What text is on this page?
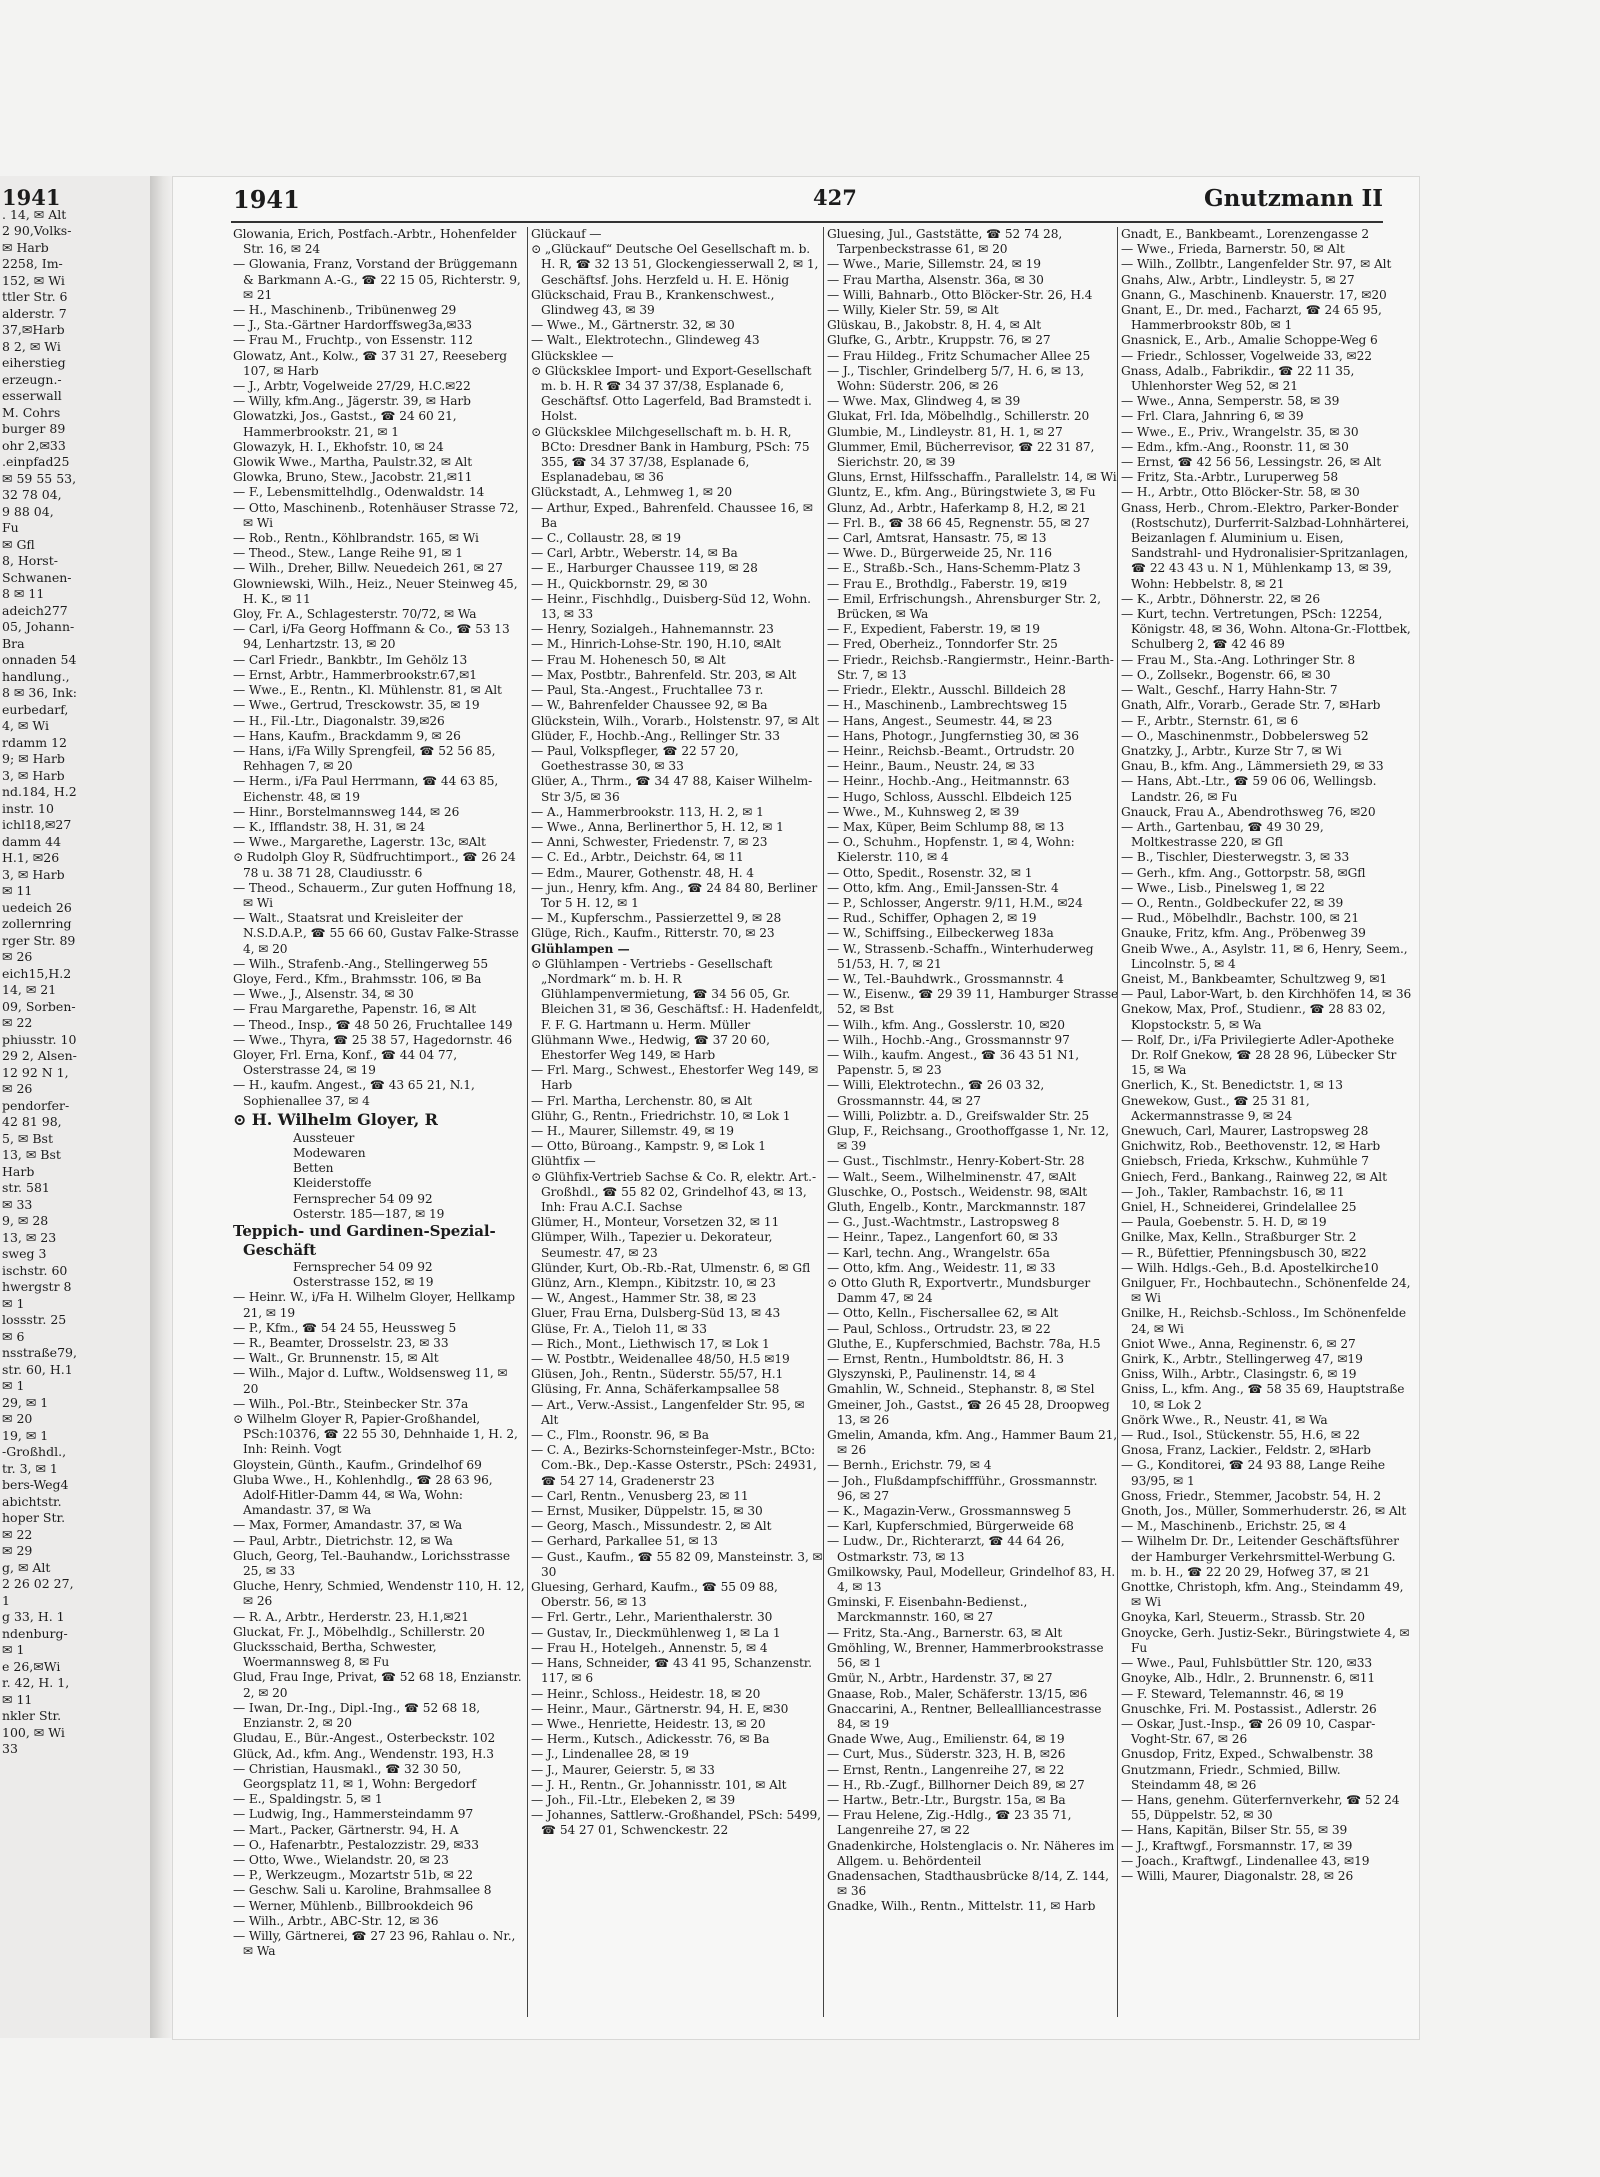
1941
. 14, ✉ Alt
2 90,Volks-
✉ Harb
2258, Im-
152, ✉ Wi
ttler Str. 6
alderstr. 7
37,✉Harb
8 2, ✉ Wi
eiherstieg
erzeugn.-
esserwall
M. Cohrs
burger 89
ohr 2,✉33
.einpfad25
✉ 59 55 53,
32 78 04,
9 88 04,
Fu
✉ Gfl
8, Horst-
Schwanen-
8 ✉ 11
adeich277
05, Johann-
Bra
onnaden 54
handlung.,
8 ✉ 36, Ink:
eurbedarf,
4, ✉ Wi
rdamm 12
9; ✉ Harb
3, ✉ Harb
nd.184, H.2
instr. 10
ichl18,✉27
damm 44
H.1, ✉26
3, ✉ Harb
✉ 11
uedeich 26
zollernring
rger Str. 89
✉ 26
eich15,H.2
14, ✉ 21
09, Sorben-
✉ 22
phiusstr. 10
29 2, Alsen-
12 92 N 1,
✉ 26
pendorfer-
42 81 98,
5, ✉ Bst
13, ✉ Bst
Harb
str. 581
✉ 33
9, ✉ 28
13, ✉ 23
sweg 3
ischstr. 60
hwergstr 8
✉ 1
lossstr. 25
✉ 6
nsstraße79,
str. 60, H.1
✉ 1
29, ✉ 1
✉ 20
19, ✉ 1
-Großhdl.,
tr. 3, ✉ 1
bers-Weg4
abichtstr.
hoper Str.
✉ 22
✉ 29
g, ✉ Alt
2 26 02 27,
1
g 33, H. 1
ndenburg-
✉ 1
e 26,✉Wi
r. 42, H. 1,
✉ 11
nkler Str.
100, ✉ Wi
33
1941	427	Gnutzmann II
Glowania, Erich, Postfach.-Arbtr., Hohenfelder Str. 16, ✉ 24
— Glowania, Franz, Vorstand der Brüggemann & Barkmann A.-G., ☎ 22 15 05, Richterstr. 9, ✉ 21
— H., Maschinenb., Tribünenweg 29
— J., Sta.-Gärtner Hardorffsweg3a,✉33
— Frau M., Fruchtp., von Essenstr. 112
Glowatz, Ant., Kolw., ☎ 37 31 27, Reeseberg 107, ✉ Harb
— J., Arbtr, Vogelweide 27/29, H.C.✉22
— Willy, kfm.Ang., Jägerstr. 39, ✉ Harb
Glowatzki, Jos., Gastst., ☎ 24 60 21, Hammerbrookstr. 21, ✉ 1
Glowazyk, H. I., Ekhofstr. 10, ✉ 24
Glowik Wwe., Martha, Paulstr.32, ✉ Alt
Glowka, Bruno, Stew., Jacobstr. 21,✉11
— F., Lebensmittelhdlg., Odenwaldstr. 14
— Otto, Maschinenb., Rotenhäuser Strasse 72, ✉ Wi
— Rob., Rentn., Köhlbrandstr. 165, ✉ Wi
— Theod., Stew., Lange Reihe 91, ✉ 1
— Wilh., Dreher, Billw. Neuedeich 261, ✉ 27
Glowniewski, Wilh., Heiz., Neuer Steinweg 45, H. K., ✉ 11
Gloy, Fr. A., Schlagesterstr. 70/72, ✉ Wa
— Carl, i/Fa Georg Hoffmann & Co., ☎ 53 13 94, Lenhartzstr. 13, ✉ 20
— Carl Friedr., Bankbtr., Im Gehölz 13
— Ernst, Arbtr., Hammerbrookstr.67,✉1
— Wwe., E., Rentn., Kl. Mühlenstr. 81, ✉ Alt
— Wwe., Gertrud, Tresckowstr. 35, ✉ 19
— H., Fil.-Ltr., Diagonalstr. 39,✉26
— Hans, Kaufm., Brackdamm 9, ✉ 26
— Hans, i/Fa Willy Sprengfeil, ☎ 52 56 85, Rehhagen 7, ✉ 20
— Herm., i/Fa Paul Herrmann, ☎ 44 63 85, Eichenstr. 48, ✉ 19
— Hinr., Borstelmannsweg 144, ✉ 26
— K., Ifflandstr. 38, H. 31, ✉ 24
— Wwe., Margarethe, Lagerstr. 13c, ✉Alt
⊙ Rudolph Gloy R, Südfruchtimport., ☎ 26 24 78 u. 38 71 28, Claudiusstr. 6
— Theod., Schauerm., Zur guten Hoffnung 18, ✉ Wi
— Walt., Staatsrat und Kreisleiter der N.S.D.A.P., ☎ 55 66 60, Gustav Falke-Strasse 4, ✉ 20
— Wilh., Strafenb.-Ang., Stellingerweg 55
Gloye, Ferd., Kfm., Brahmsstr. 106, ✉ Ba
— Wwe., J., Alsenstr. 34, ✉ 30
— Frau Margarethe, Papenstr. 16, ✉ Alt
— Theod., Insp., ☎ 48 50 26, Fruchtallee 149
— Wwe., Thyra, ☎ 25 38 57, Hagedornstr. 46
Gloyer, Frl. Erna, Konf., ☎ 44 04 77, Osterstrasse 24, ✉ 19
— H., kaufm. Angest., ☎ 43 65 21, N.1, Sophienallee 37, ✉ 4
⊙ H. Wilhelm Gloyer, R
Aussteuer
Modewaren
Betten
Kleiderstoffe
Fernsprecher 54 09 92
Osterstr. 185—187, ✉ 19
Teppich- und Gardinen-Spezial-Geschäft
Fernsprecher 54 09 92
Osterstrasse 152, ✉ 19
— Heinr. W., i/Fa H. Wilhelm Gloyer, Hellkamp 21, ✉ 19
— P., Kfm., ☎ 54 24 55, Heussweg 5
— R., Beamter, Drosselstr. 23, ✉ 33
— Walt., Gr. Brunnenstr. 15, ✉ Alt
— Wilh., Major d. Luftw., Woldsensweg 11, ✉ 20
— Wilh., Pol.-Btr., Steinbecker Str. 37a
⊙ Wilhelm Gloyer R, Papier-Großhandel, PSch:10376, ☎ 22 55 30, Dehnhaide 1, H. 2, Inh: Reinh. Vogt
Gloystein, Günth., Kaufm., Grindelhof 69
Gluba Wwe., H., Kohlenhdlg., ☎ 28 63 96, Adolf-Hitler-Damm 44, ✉ Wa, Wohn: Amandastr. 37, ✉ Wa
— Max, Former, Amandastr. 37, ✉ Wa
— Paul, Arbtr., Dietrichstr. 12, ✉ Wa
Gluch, Georg, Tel.-Bauhandw., Lorichsstrasse 25, ✉ 33
Gluche, Henry, Schmied, Wendenstr 110, H. 12, ✉ 26
— R. A., Arbtr., Herderstr. 23, H.1,✉21
Gluckat, Fr. J., Möbelhdlg., Schillerstr. 20
Glucksschaid, Bertha, Schwester, Woermannsweg 8, ✉ Fu
Glud, Frau Inge, Privat, ☎ 52 68 18, Enzianstr. 2, ✉ 20
— Iwan, Dr.-Ing., Dipl.-Ing., ☎ 52 68 18, Enzianstr. 2, ✉ 20
Gludau, E., Bür.-Angest., Osterbeckstr. 102
Glück, Ad., kfm. Ang., Wendenstr. 193, H.3
— Christian, Hausmakl., ☎ 32 30 50, Georgsplatz 11, ✉ 1, Wohn: Bergedorf
— E., Spaldingstr. 5, ✉ 1
— Ludwig, Ing., Hammersteindamm 97
— Mart., Packer, Gärtnerstr. 94, H. A
— O., Hafenarbtr., Pestalozzistr. 29, ✉33
— Otto, Wwe., Wielandstr. 20, ✉ 23
— P., Werkzeugm., Mozartstr 51b, ✉ 22
— Geschw. Sali u. Karoline, Brahmsallee 8
— Werner, Mühlenb., Billbrookdeich 96
— Wilh., Arbtr., ABC-Str. 12, ✉ 36
— Willy, Gärtnerei, ☎ 27 23 96, Rahlau o. Nr., ✉ Wa
Glückauf —
⊙ „Glückauf“ Deutsche Oel Gesellschaft m. b. H. R, ☎ 32 13 51, Glockengiesserwall 2, ✉ 1, Geschäftsf. Johs. Herzfeld u. H. E. Hönig
Glückschaid, Frau B., Krankenschwest., Glindweg 43, ✉ 39
— Wwe., M., Gärtnerstr. 32, ✉ 30
— Walt., Elektrotechn., Glindeweg 43
Glücksklee —
⊙ Glücksklee Import- und Export-Gesellschaft m. b. H. R ☎ 34 37 37/38, Esplanade 6, Geschäftsf. Otto Lagerfeld, Bad Bramstedt i. Holst.
⊙ Glücksklee Milchgesellschaft m. b. H. R, BCto: Dresdner Bank in Hamburg, PSch: 75 355, ☎ 34 37 37/38, Esplanade 6, Esplanadebau, ✉ 36
Glückstadt, A., Lehmweg 1, ✉ 20
— Arthur, Exped., Bahrenfeld. Chaussee 16, ✉ Ba
— C., Collaustr. 28, ✉ 19
— Carl, Arbtr., Weberstr. 14, ✉ Ba
— E., Harburger Chaussee 119, ✉ 28
— H., Quickbornstr. 29, ✉ 30
— Heinr., Fischhdlg., Duisberg-Süd 12, Wohn. 13, ✉ 33
— Henry, Sozialgeh., Hahnemannstr. 23
— M., Hinrich-Lohse-Str. 190, H.10, ✉Alt
— Frau M. Hohenesch 50, ✉ Alt
— Max, Postbtr., Bahrenfeld. Str. 203, ✉ Alt
— Paul, Sta.-Angest., Fruchtallee 73 r.
— W., Bahrenfelder Chaussee 92, ✉ Ba
Glückstein, Wilh., Vorarb., Holstenstr. 97, ✉ Alt
Glüder, F., Hochb.-Ang., Rellinger Str. 33
— Paul, Volkspfleger, ☎ 22 57 20, Goethestrasse 30, ✉ 33
Glüer, A., Thrm., ☎ 34 47 88, Kaiser Wilhelm-Str 3/5, ✉ 36
— A., Hammerbrookstr. 113, H. 2, ✉ 1
— Wwe., Anna, Berlinerthor 5, H. 12, ✉ 1
— Anni, Schwester, Friedenstr. 7, ✉ 23
— C. Ed., Arbtr., Deichstr. 64, ✉ 11
— Edm., Maurer, Gothenstr. 48, H. 4
— jun., Henry, kfm. Ang., ☎ 24 84 80, Berliner Tor 5 H. 12, ✉ 1
— M., Kupferschm., Passierzettel 9, ✉ 28
Glüge, Rich., Kaufm., Ritterstr. 70, ✉ 23
Glühlampen —
⊙ Glühlampen - Vertriebs - Gesellschaft „Nordmark“ m. b. H. R Glühlampenvermietung, ☎ 34 56 05, Gr. Bleichen 31, ✉ 36, Geschäftsf.: H. Hadenfeldt, F. F. G. Hartmann u. Herm. Müller
Glühmann Wwe., Hedwig, ☎ 37 20 60, Ehestorfer Weg 149, ✉ Harb
— Frl. Marg., Schwest., Ehestorfer Weg 149, ✉ Harb
— Frl. Martha, Lerchenstr. 80, ✉ Alt
Glühr, G., Rentn., Friedrichstr. 10, ✉ Lok 1
— H., Maurer, Sillemstr. 49, ✉ 19
— Otto, Büroang., Kampstr. 9, ✉ Lok 1
Glühtfix —
⊙ Glühfix-Vertrieb Sachse & Co. R, elektr. Art.-Großhdl., ☎ 55 82 02, Grindelhof 43, ✉ 13, Inh: Frau A.C.I. Sachse
Glümer, H., Monteur, Vorsetzen 32, ✉ 11
Glümper, Wilh., Tapezier u. Dekorateur, Seumestr. 47, ✉ 23
Glünder, Kurt, Ob.-Rb.-Rat, Ulmenstr. 6, ✉ Gfl
Glünz, Arn., Klempn., Kibitzstr. 10, ✉ 23
— W., Angest., Hammer Str. 38, ✉ 23
Gluer, Frau Erna, Dulsberg-Süd 13, ✉ 43
Glüse, Fr. A., Tieloh 11, ✉ 33
— Rich., Mont., Liethwisch 17, ✉ Lok 1
— W. Postbtr., Weidenallee 48/50, H.5 ✉19
Glüsen, Joh., Rentn., Süderstr. 55/57, H.1
Glüsing, Fr. Anna, Schäferkampsallee 58
— Art., Verw.-Assist., Langenfelder Str. 95, ✉ Alt
— C., Flm., Roonstr. 96, ✉ Ba
— C. A., Bezirks-Schornsteinfeger-Mstr., BCto: Com.-Bk., Dep.-Kasse Osterstr., PSch: 24931, ☎ 54 27 14, Gradenerstr 23
— Carl, Rentn., Venusberg 23, ✉ 11
— Ernst, Musiker, Düppelstr. 15, ✉ 30
— Georg, Masch., Missundestr. 2, ✉ Alt
— Gerhard, Parkallee 51, ✉ 13
— Gust., Kaufm., ☎ 55 82 09, Mansteinstr. 3, ✉ 30
Gluesing, Gerhard, Kaufm., ☎ 55 09 88, Oberstr. 56, ✉ 13
— Frl. Gertr., Lehr., Marienthalerstr. 30
— Gustav, Ir., Dieckmühlenweg 1, ✉ La 1
— Frau H., Hotelgeh., Annenstr. 5, ✉ 4
— Hans, Schneider, ☎ 43 41 95, Schanzenstr. 117, ✉ 6
— Heinr., Schloss., Heidestr. 18, ✉ 20
— Heinr., Maur., Gärtnerstr. 94, H. E, ✉30
— Wwe., Henriette, Heidestr. 13, ✉ 20
— Herm., Kutsch., Adickesstr. 76, ✉ Ba
— J., Lindenallee 28, ✉ 19
— J., Maurer, Geierstr. 5, ✉ 33
— J. H., Rentn., Gr. Johannisstr. 101, ✉ Alt
— Joh., Fil.-Ltr., Elebeken 2, ✉ 39
— Johannes, Sattlerw.-Großhandel, PSch: 5499, ☎ 54 27 01, Schwenckestr. 22
Gluesing, Jul., Gaststätte, ☎ 52 74 28, Tarpenbeckstrasse 61, ✉ 20
— Wwe., Marie, Sillemstr. 24, ✉ 19
— Frau Martha, Alsenstr. 36a, ✉ 30
— Willi, Bahnarb., Otto Blöcker-Str. 26, H.4
— Willy, Kieler Str. 59, ✉ Alt
Glüskau, B., Jakobstr. 8, H. 4, ✉ Alt
Glufke, G., Arbtr., Kruppstr. 76, ✉ 27
— Frau Hildeg., Fritz Schumacher Allee 25
— J., Tischler, Grindelberg 5/7, H. 6, ✉ 13, Wohn: Süderstr. 206, ✉ 26
— Wwe. Max, Glindweg 4, ✉ 39
Glukat, Frl. Ida, Möbelhdlg., Schillerstr. 20
Glumbie, M., Lindleystr. 81, H. 1, ✉ 27
Glummer, Emil, Bücherrevisor, ☎ 22 31 87, Sierichstr. 20, ✉ 39
Gluns, Ernst, Hilfsschaffn., Parallelstr. 14, ✉ Wi
Gluntz, E., kfm. Ang., Büringstwiete 3, ✉ Fu
Glunz, Ad., Arbtr., Haferkamp 8, H.2, ✉ 21
— Frl. B., ☎ 38 66 45, Regnenstr. 55, ✉ 27
— Carl, Amtsrat, Hansastr. 75, ✉ 13
— Wwe. D., Bürgerweide 25, Nr. 116
— E., Straßb.-Sch., Hans-Schemm-Platz 3
— Frau E., Brothdlg., Faberstr. 19, ✉19
— Emil, Erfrischungsh., Ahrensburger Str. 2, Brücken, ✉ Wa
— F., Expedient, Faberstr. 19, ✉ 19
— Fred, Oberheiz., Tonndorfer Str. 25
— Friedr., Reichsb.-Rangiermstr., Heinr.-Barth-Str. 7, ✉ 13
— Friedr., Elektr., Ausschl. Billdeich 28
— H., Maschinenb., Lambrechtsweg 15
— Hans, Angest., Seumestr. 44, ✉ 23
— Hans, Photogr., Jungfernstieg 30, ✉ 36
— Heinr., Reichsb.-Beamt., Ortrudstr. 20
— Heinr., Baum., Neustr. 24, ✉ 33
— Heinr., Hochb.-Ang., Heitmannstr. 63
— Hugo, Schloss, Ausschl. Elbdeich 125
— Wwe., M., Kuhnsweg 2, ✉ 39
— Max, Küper, Beim Schlump 88, ✉ 13
— O., Schuhm., Hopfenstr. 1, ✉ 4, Wohn: Kielerstr. 110, ✉ 4
— Otto, Spedit., Rosenstr. 32, ✉ 1
— Otto, kfm. Ang., Emil-Janssen-Str. 4
— P., Schlosser, Angerstr. 9/11, H.M., ✉24
— Rud., Schiffer, Ophagen 2, ✉ 19
— W., Schiffsing., Eilbeckerweg 183a
— W., Strassenb.-Schaffn., Winterhuderweg 51/53, H. 7, ✉ 21
— W., Tel.-Bauhdwrk., Grossmannstr. 4
— W., Eisenw., ☎ 29 39 11, Hamburger Strasse 52, ✉ Bst
— Wilh., kfm. Ang., Gosslerstr. 10, ✉20
— Wilh., Hochb.-Ang., Grossmannstr 97
— Wilh., kaufm. Angest., ☎ 36 43 51 N1, Papenstr. 5, ✉ 23
— Willi, Elektrotechn., ☎ 26 03 32, Grossmannstr. 44, ✉ 27
— Willi, Polizbtr. a. D., Greifswalder Str. 25
Glup, F., Reichsang., Groothoffgasse 1, Nr. 12, ✉ 39
— Gust., Tischlmstr., Henry-Kobert-Str. 28
— Walt., Seem., Wilhelminenstr. 47, ✉Alt
Gluschke, O., Postsch., Weidenstr. 98, ✉Alt
Gluth, Engelb., Kontr., Marckmannstr. 187
— G., Just.-Wachtmstr., Lastropsweg 8
— Heinr., Tapez., Langenfort 60, ✉ 33
— Karl, techn. Ang., Wrangelstr. 65a
— Otto, kfm. Ang., Weidestr. 11, ✉ 33
⊙ Otto Gluth R, Exportvertr., Mundsburger Damm 47, ✉ 24
— Otto, Kelln., Fischersallee 62, ✉ Alt
— Paul, Schloss., Ortrudstr. 23, ✉ 22
Gluthe, E., Kupferschmied, Bachstr. 78a, H.5
— Ernst, Rentn., Humboldtstr. 86, H. 3
Glyszynski, P., Paulinenstr. 14, ✉ 4
Gmahlin, W., Schneid., Stephanstr. 8, ✉ Stel
Gmeiner, Joh., Gastst., ☎ 26 45 28, Droopweg 13, ✉ 26
Gmelin, Amanda, kfm. Ang., Hammer Baum 21, ✉ 26
— Bernh., Erichstr. 79, ✉ 4
— Joh., Flußdampfschiffführ., Grossmannstr. 96, ✉ 27
— K., Magazin-Verw., Grossmannsweg 5
— Karl, Kupferschmied, Bürgerweide 68
— Ludw., Dr., Richterarzt, ☎ 44 64 26, Ostmarkstr. 73, ✉ 13
Gmilkowsky, Paul, Modelleur, Grindelhof 83, H. 4, ✉ 13
Gminski, F. Eisenbahn-Bedienst., Marckmannstr. 160, ✉ 27
— Fritz, Sta.-Ang., Barnerstr. 63, ✉ Alt
Gmöhling, W., Brenner, Hammerbrookstrasse 56, ✉ 1
Gmür, N., Arbtr., Hardenstr. 37, ✉ 27
Gnaase, Rob., Maler, Schäferstr. 13/15, ✉6
Gnaccarini, A., Rentner, Belleallliancestrasse 84, ✉ 19
Gnade Wwe, Aug., Emilienstr. 64, ✉ 19
— Curt, Mus., Süderstr. 323, H. B, ✉26
— Ernst, Rentn., Langenreihe 27, ✉ 22
— H., Rb.-Zugf., Billhorner Deich 89, ✉ 27
— Hartw., Betr.-Ltr., Burgstr. 15a, ✉ Ba
— Frau Helene, Zig.-Hdlg., ☎ 23 35 71, Langenreihe 27, ✉ 22
Gnadenkirche, Holstenglacis o. Nr. Näheres im Allgem. u. Behördenteil
Gnadensachen, Stadthausbrücke 8/14, Z. 144, ✉ 36
Gnadke, Wilh., Rentn., Mittelstr. 11, ✉ Harb
Gnadt, E., Bankbeamt., Lorenzengasse 2
— Wwe., Frieda, Barnerstr. 50, ✉ Alt
— Wilh., Zollbtr., Langenfelder Str. 97, ✉ Alt
Gnahs, Alw., Arbtr., Lindleystr. 5, ✉ 27
Gnann, G., Maschinenb. Knauerstr. 17, ✉20
Gnant, E., Dr. med., Facharzt, ☎ 24 65 95, Hammerbrookstr 80b, ✉ 1
Gnasnick, E., Arb., Amalie Schoppe-Weg 6
— Friedr., Schlosser, Vogelweide 33, ✉22
Gnass, Adalb., Fabrikdir., ☎ 22 11 35, Uhlenhorster Weg 52, ✉ 21
— Wwe., Anna, Semperstr. 58, ✉ 39
— Frl. Clara, Jahnring 6, ✉ 39
— Wwe., E., Priv., Wrangelstr. 35, ✉ 30
— Edm., kfm.-Ang., Roonstr. 11, ✉ 30
— Ernst, ☎ 42 56 56, Lessingstr. 26, ✉ Alt
— Fritz, Sta.-Arbtr., Luruperweg 58
— H., Arbtr., Otto Blöcker-Str. 58, ✉ 30
Gnass, Herb., Chrom.-Elektro, Parker-Bonder (Rostschutz), Durferrit-Salzbad-Lohnhärterei, Beizanlagen f. Aluminium u. Eisen, Sandstrahl- und Hydronalisier-Spritzanlagen, ☎ 22 43 43 u. N 1, Mühlenkamp 13, ✉ 39, Wohn: Hebbelstr. 8, ✉ 21
— K., Arbtr., Döhnerstr. 22, ✉ 26
— Kurt, techn. Vertretungen, PSch: 12254, Königstr. 48, ✉ 36, Wohn. Altona-Gr.-Flottbek, Schulberg 2, ☎ 42 46 89
— Frau M., Sta.-Ang. Lothringer Str. 8
— O., Zollsekr., Bogenstr. 66, ✉ 30
— Walt., Geschf., Harry Hahn-Str. 7
Gnath, Alfr., Vorarb., Gerade Str. 7, ✉Harb
— F., Arbtr., Sternstr. 61, ✉ 6
— O., Maschinenmstr., Dobbelersweg 52
Gnatzky, J., Arbtr., Kurze Str 7, ✉ Wi
Gnau, B., kfm. Ang., Lämmersieth 29, ✉ 33
— Hans, Abt.-Ltr., ☎ 59 06 06, Wellingsb. Landstr. 26, ✉ Fu
Gnauck, Frau A., Abendrothsweg 76, ✉20
— Arth., Gartenbau, ☎ 49 30 29, Moltkestrasse 220, ✉ Gfl
— B., Tischler, Diesterwegstr. 3, ✉ 33
— Gerh., kfm. Ang., Gottorpstr. 58, ✉Gfl
— Wwe., Lisb., Pinelsweg 1, ✉ 22
— O., Rentn., Goldbeckufer 22, ✉ 39
— Rud., Möbelhdlr., Bachstr. 100, ✉ 21
Gnauke, Fritz, kfm. Ang., Pröbenweg 39
Gneib Wwe., A., Asylstr. 11, ✉ 6, Henry, Seem., Lincolnstr. 5, ✉ 4
Gneist, M., Bankbeamter, Schultzweg 9, ✉1
— Paul, Labor-Wart, b. den Kirchhöfen 14, ✉ 36
Gnekow, Max, Prof., Studienr., ☎ 28 83 02, Klopstockstr. 5, ✉ Wa
— Rolf, Dr., i/Fa Privilegierte Adler-Apotheke Dr. Rolf Gnekow, ☎ 28 28 96, Lübecker Str 15, ✉ Wa
Gnerlich, K., St. Benedictstr. 1, ✉ 13
Gnewekow, Gust., ☎ 25 31 81, Ackermannstrasse 9, ✉ 24
Gnewuch, Carl, Maurer, Lastropsweg 28
Gnichwitz, Rob., Beethovenstr. 12, ✉ Harb
Gniebsch, Frieda, Krkschw., Kuhmühle 7
Gniech, Ferd., Bankang., Rainweg 22, ✉ Alt
— Joh., Takler, Rambachstr. 16, ✉ 11
Gniel, H., Schneiderei, Grindelallee 25
— Paula, Goebenstr. 5. H. D, ✉ 19
Gnilke, Max, Kelln., Straßburger Str. 2
— R., Büfettier, Pfenningsbusch 30, ✉22
— Wilh. Hdlgs.-Geh., B.d. Apostelkirche10
Gnilguer, Fr., Hochbautechn., Schönenfelde 24, ✉ Wi
Gnilke, H., Reichsb.-Schloss., Im Schönenfelde 24, ✉ Wi
Gniot Wwe., Anna, Reginenstr. 6, ✉ 27
Gnirk, K., Arbtr., Stellingerweg 47, ✉19
Gniss, Wilh., Arbtr., Clasingstr. 6, ✉ 19
Gniss, L., kfm. Ang., ☎ 58 35 69, Hauptstraße 10, ✉ Lok 2
Gnörk Wwe., R., Neustr. 41, ✉ Wa
— Rud., Isol., Stückenstr. 55, H.6, ✉ 22
Gnosa, Franz, Lackier., Feldstr. 2, ✉Harb
— G., Konditorei, ☎ 24 93 88, Lange Reihe 93/95, ✉ 1
Gnoss, Friedr., Stemmer, Jacobstr. 54, H. 2
Gnoth, Jos., Müller, Sommerhuderstr. 26, ✉ Alt
— M., Maschinenb., Erichstr. 25, ✉ 4
— Wilhelm Dr. Dr., Leitender Geschäftsführer der Hamburger Verkehrsmittel-Werbung G. m. b. H., ☎ 22 20 29, Hofweg 37, ✉ 21
Gnottke, Christoph, kfm. Ang., Steindamm 49, ✉ Wi
Gnoyka, Karl, Steuerm., Strassb. Str. 20
Gnoycke, Gerh. Justiz-Sekr., Büringstwiete 4, ✉ Fu
— Wwe., Paul, Fuhlsbüttler Str. 120, ✉33
Gnoyke, Alb., Hdlr., 2. Brunnenstr. 6, ✉11
— F. Steward, Telemannstr. 46, ✉ 19
Gnuschke, Fri. M. Postassist., Adlerstr. 26
— Oskar, Just.-Insp., ☎ 26 09 10, Caspar-Voght-Str. 67, ✉ 26
Gnusdop, Fritz, Exped., Schwalbenstr. 38
Gnutzmann, Friedr., Schmied, Billw. Steindamm 48, ✉ 26
— Hans, genehm. Güterfernverkehr, ☎ 52 24 55, Düppelstr. 52, ✉ 30
— Hans, Kapitän, Bilser Str. 55, ✉ 39
— J., Kraftwgf., Forsmannstr. 17, ✉ 39
— Joach., Kraftwgf., Lindenallee 43, ✉19
— Willi, Maurer, Diagonalstr. 28, ✉ 26
